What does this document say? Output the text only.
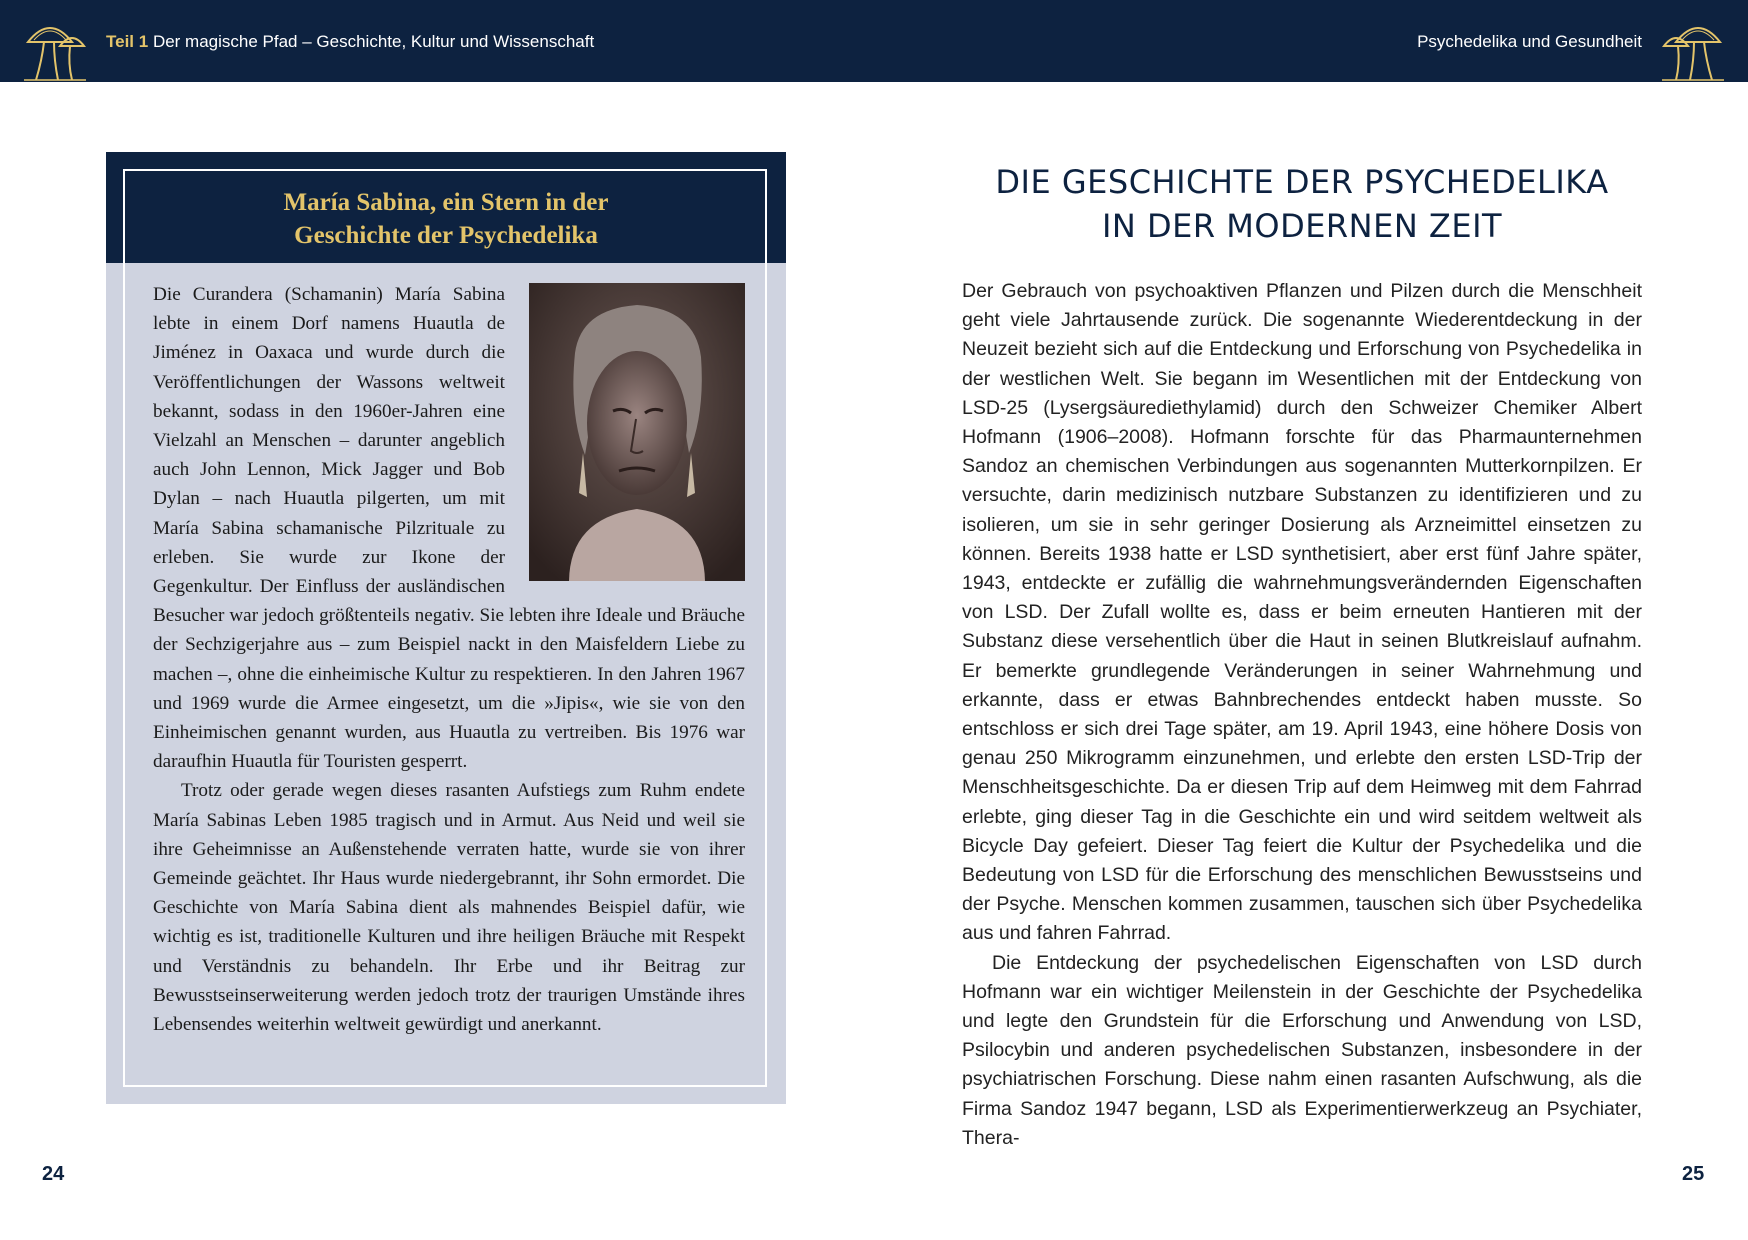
Teil 1 Der magische Pfad – Geschichte, Kultur und Wissenschaft	Psychedelika und Gesundheit
María Sabina, ein Stern in der
Geschichte der Psychedelika

Die Curandera (Schamanin) María Sabina lebte in einem Dorf namens Huautla de Jiménez in Oaxaca und wurde durch die Veröffentlichungen der Wassons weltweit bekannt, sodass in den 1960er-Jahren eine Vielzahl an Menschen – darunter angeblich auch John Lennon, Mick Jagger und Bob Dylan – nach Huautla pilgerten, um mit María Sabina schamanische Pilzrituale zu erleben. Sie wurde zur Ikone der Gegenkultur. Der Einfluss der ausländischen Besucher war jedoch größtenteils negativ. Sie lebten ihre Ideale und Bräuche der Sechzigerjahre aus – zum Beispiel nackt in den Maisfeldern Liebe zu machen –, ohne die einheimische Kultur zu respektieren. In den Jahren 1967 und 1969 wurde die Armee eingesetzt, um die »Jipis«, wie sie von den Einheimischen genannt wurden, aus Huautla zu vertreiben. Bis 1976 war daraufhin Huautla für Touristen gesperrt.

Trotz oder gerade wegen dieses rasanten Aufstiegs zum Ruhm endete María Sabinas Leben 1985 tragisch und in Armut. Aus Neid und weil sie ihre Geheimnisse an Außenstehende verraten hatte, wurde sie von ihrer Gemeinde geächtet. Ihr Haus wurde niedergebrannt, ihr Sohn ermordet. Die Geschichte von María Sabina dient als mahnendes Beispiel dafür, wie wichtig es ist, traditionelle Kulturen und ihre heiligen Bräuche mit Respekt und Verständnis zu behandeln. Ihr Erbe und ihr Beitrag zur Bewusstseinserweiterung werden jedoch trotz der traurigen Umstände ihres Lebensendes weiterhin weltweit gewürdigt und anerkannt.

DIE GESCHICHTE DER PSYCHEDELIKA
IN DER MODERNEN ZEIT

Der Gebrauch von psychoaktiven Pflanzen und Pilzen durch die Menschheit geht viele Jahrtausende zurück. Die sogenannte Wiederentdeckung in der Neuzeit bezieht sich auf die Entdeckung und Erforschung von Psychedelika in der westlichen Welt. Sie begann im Wesentlichen mit der Entdeckung von LSD-25 (Lysergsäurediethylamid) durch den Schweizer Chemiker Albert Hofmann (1906–2008). Hofmann forschte für das Pharmaunternehmen Sandoz an chemischen Verbindungen aus sogenannten Mutterkornpilzen. Er versuchte, darin medizinisch nutzbare Substanzen zu identifizieren und zu isolieren, um sie in sehr geringer Dosierung als Arzneimittel einsetzen zu können. Bereits 1938 hatte er LSD synthetisiert, aber erst fünf Jahre später, 1943, entdeckte er zufällig die wahrnehmungsverändernden Eigenschaften von LSD. Der Zufall wollte es, dass er beim erneuten Hantieren mit der Substanz diese versehentlich über die Haut in seinen Blutkreislauf aufnahm. Er bemerkte grundlegende Veränderungen in seiner Wahrnehmung und erkannte, dass er etwas Bahnbrechendes entdeckt haben musste. So entschloss er sich drei Tage später, am 19. April 1943, eine höhere Dosis von genau 250 Mikrogramm einzunehmen, und erlebte den ersten LSD-Trip der Menschheitsgeschichte. Da er diesen Trip auf dem Heimweg mit dem Fahrrad erlebte, ging dieser Tag in die Geschichte ein und wird seitdem weltweit als Bicycle Day gefeiert. Dieser Tag feiert die Kultur der Psychedelika und die Bedeutung von LSD für die Erforschung des menschlichen Bewusstseins und der Psyche. Menschen kommen zusammen, tauschen sich über Psychedelika aus und fahren Fahrrad.

Die Entdeckung der psychedelischen Eigenschaften von LSD durch Hofmann war ein wichtiger Meilenstein in der Geschichte der Psychedelika und legte den Grundstein für die Erforschung und Anwendung von LSD, Psilocybin und anderen psychedelischen Substanzen, insbesondere in der psychiatrischen Forschung. Diese nahm einen rasanten Aufschwung, als die Firma Sandoz 1947 begann, LSD als Experimentierwerkzeug an Psychiater, Thera-

24	25
